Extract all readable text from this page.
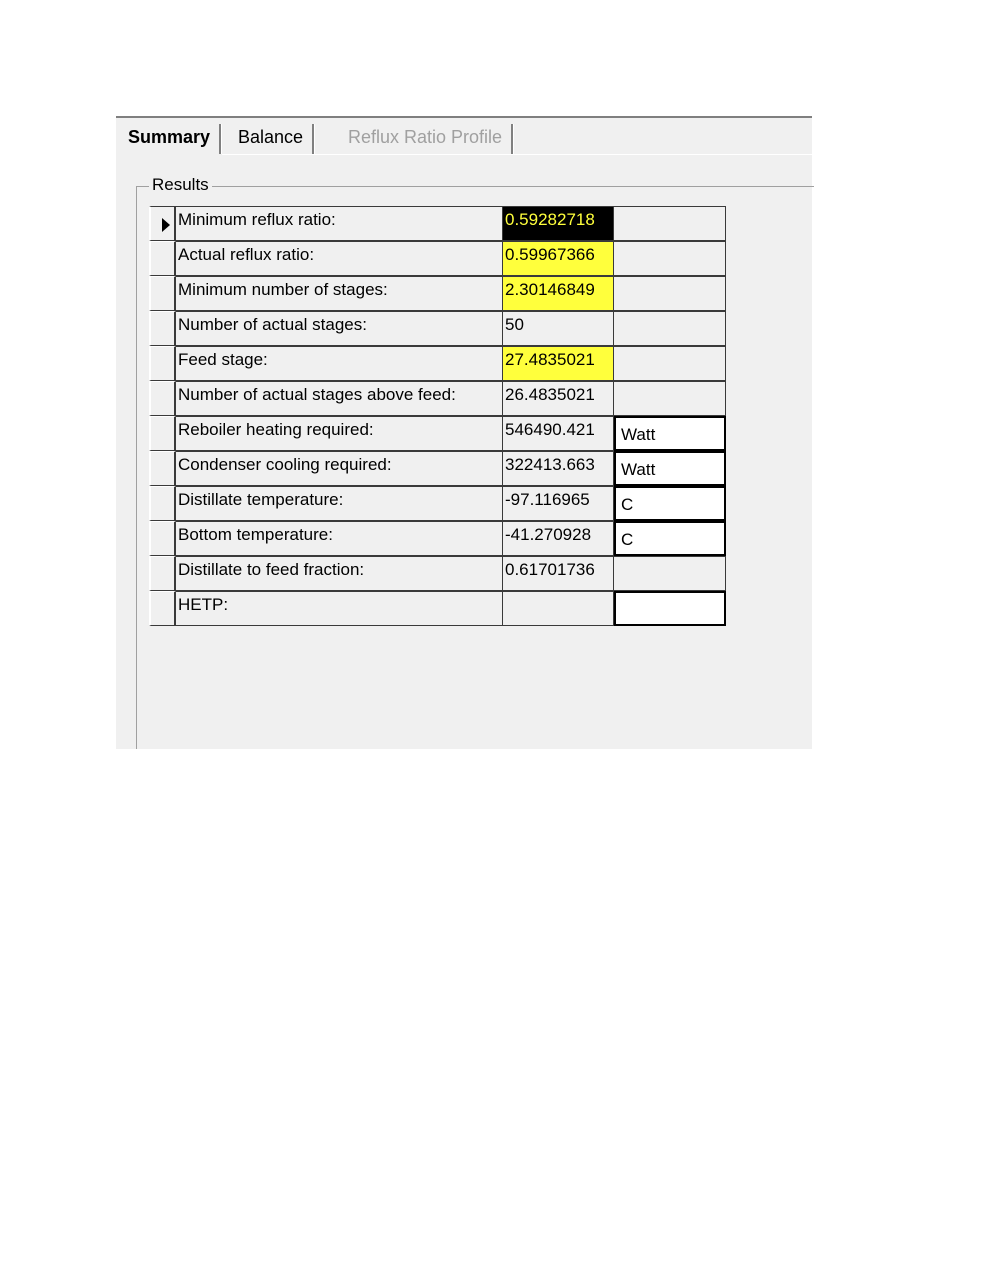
Summary	Balance	Reflux Ratio Profile
Results
Minimum reflux ratio:	0.59282718
Actual reflux ratio:	0.59967366
Minimum number of stages:	2.30146849
Number of actual stages:	50
Feed stage:	27.4835021
Number of actual stages above feed:	26.4835021
Reboiler heating required:	546490.421	Watt
Condenser cooling required:	322413.663	Watt
Distillate temperature:	-97.116965	C
Bottom temperature:	-41.270928	C
Distillate to feed fraction:	0.61701736
HETP:
